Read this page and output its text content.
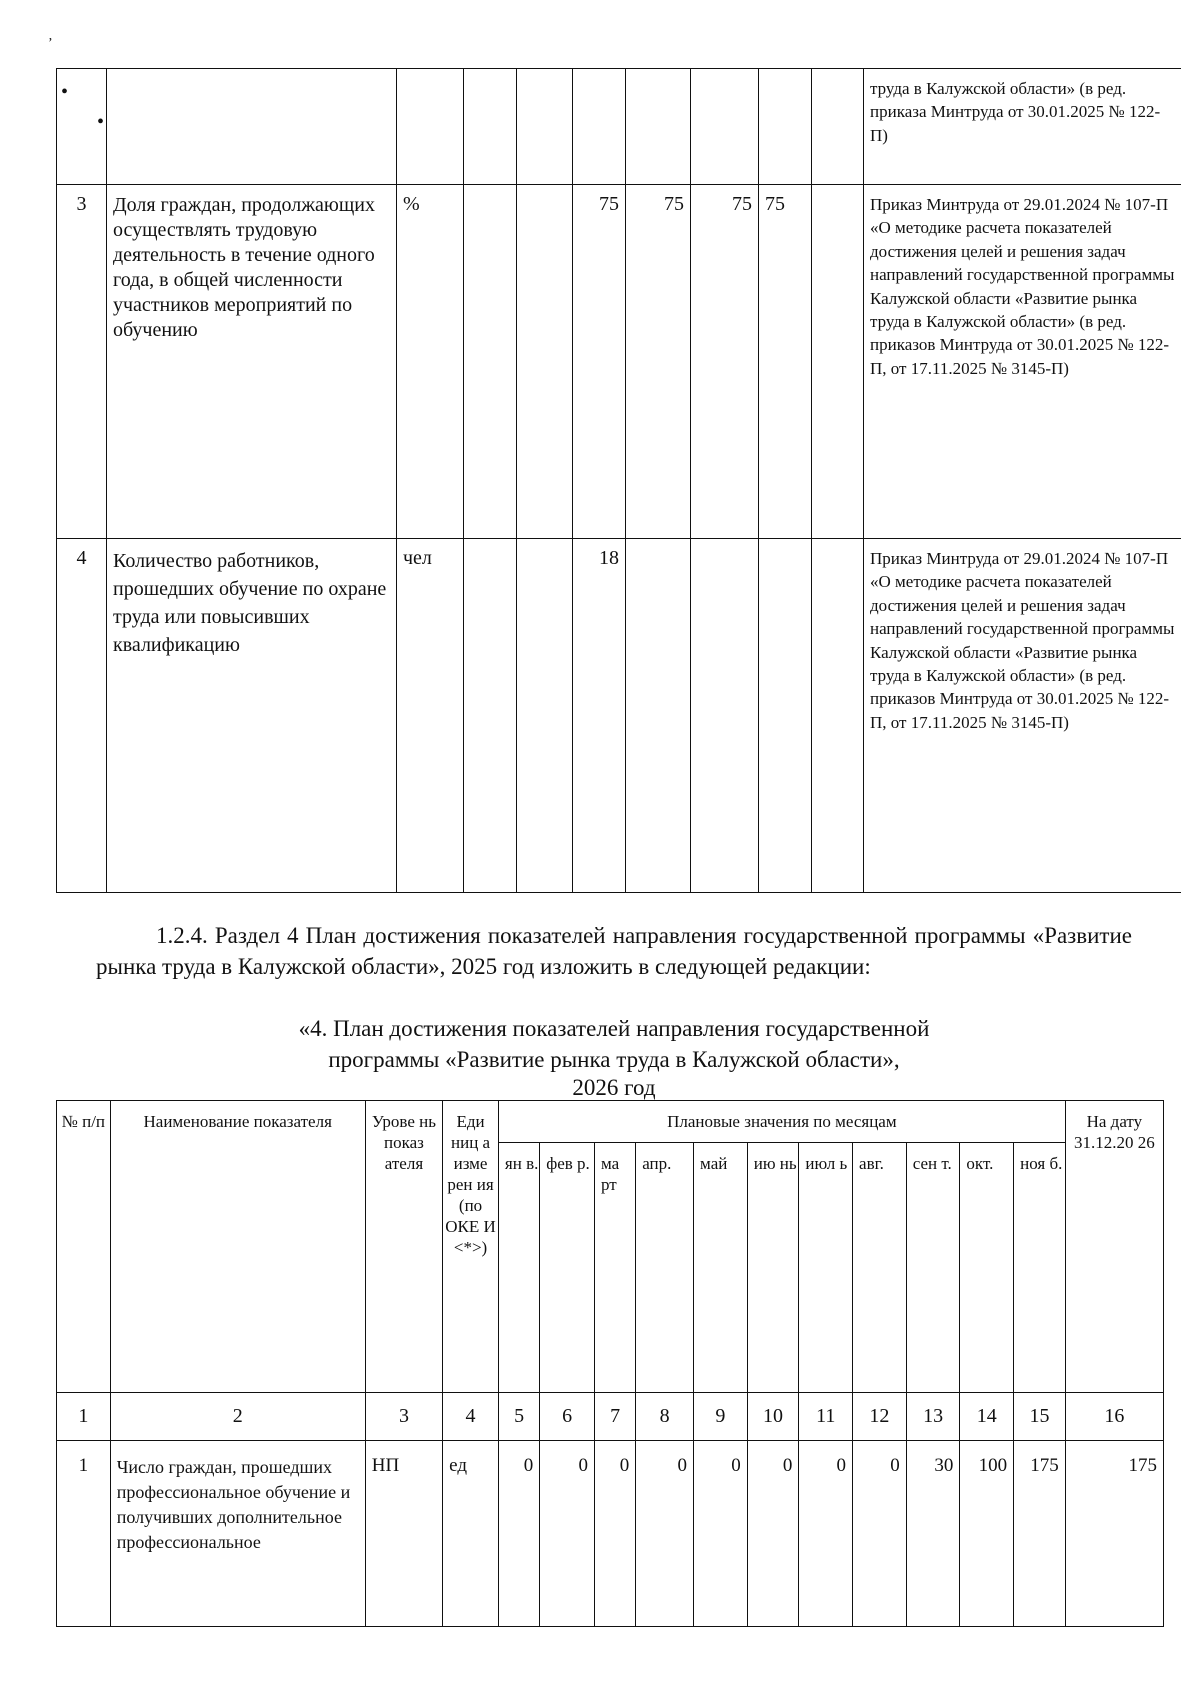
ʼ
•
•										труда в Калужской области» (в ред. приказа Минтруда от 30.01.2025 № 122-П)
3	Доля граждан, продолжающих осуществлять трудовую деятельность в течение одного года, в общей численности участников мероприятий по обучению	%			75	75	75	75		Приказ Минтруда от 29.01.2024 № 107-П «О методике расчета показателей достижения целей и решения задач направлений государственной программы Калужской области «Развитие рынка труда в Калужской области» (в ред. приказов Минтруда от 30.01.2025 № 122-П, от 17.11.2025 № 3145-П)
4	Количество работников, прошедших обучение по охране труда или повысивших квалификацию	чел			18					Приказ Минтруда от 29.01.2024 № 107-П «О методике расчета показателей достижения целей и решения задач направлений государственной программы Калужской области «Развитие рынка труда в Калужской области» (в ред. приказов Минтруда от 30.01.2025 № 122-П, от 17.11.2025 № 3145-П)
1.2.4. Раздел 4 План достижения показателей направления государственной программы «Развитие рынка труда в Калужской области», 2025 год изложить в следующей редакции:
«4. План достижения показателей направления государственной
программы «Развитие рынка труда в Калужской области»,
2026 год
№ п/п	Наименование показателя	Урове нь показ ателя	Еди ниц а изме рен ия (по ОКЕ И <*>)	Плановые значения по месяцам											На дату 31.12.20 26
				ян в.	фев р.	ма рт	апр.	май	ию нь	июл ь	авг.	сен т.	окт.	ноя б.	
1	2	3	4	5	6	7	8	9	10	11	12	13	14	15	16
1	Число граждан, прошедших профессиональное обучение и получивших дополнительное профессиональное	НП	ед	0	0	0	0	0	0	0	0	30	100	175	175
